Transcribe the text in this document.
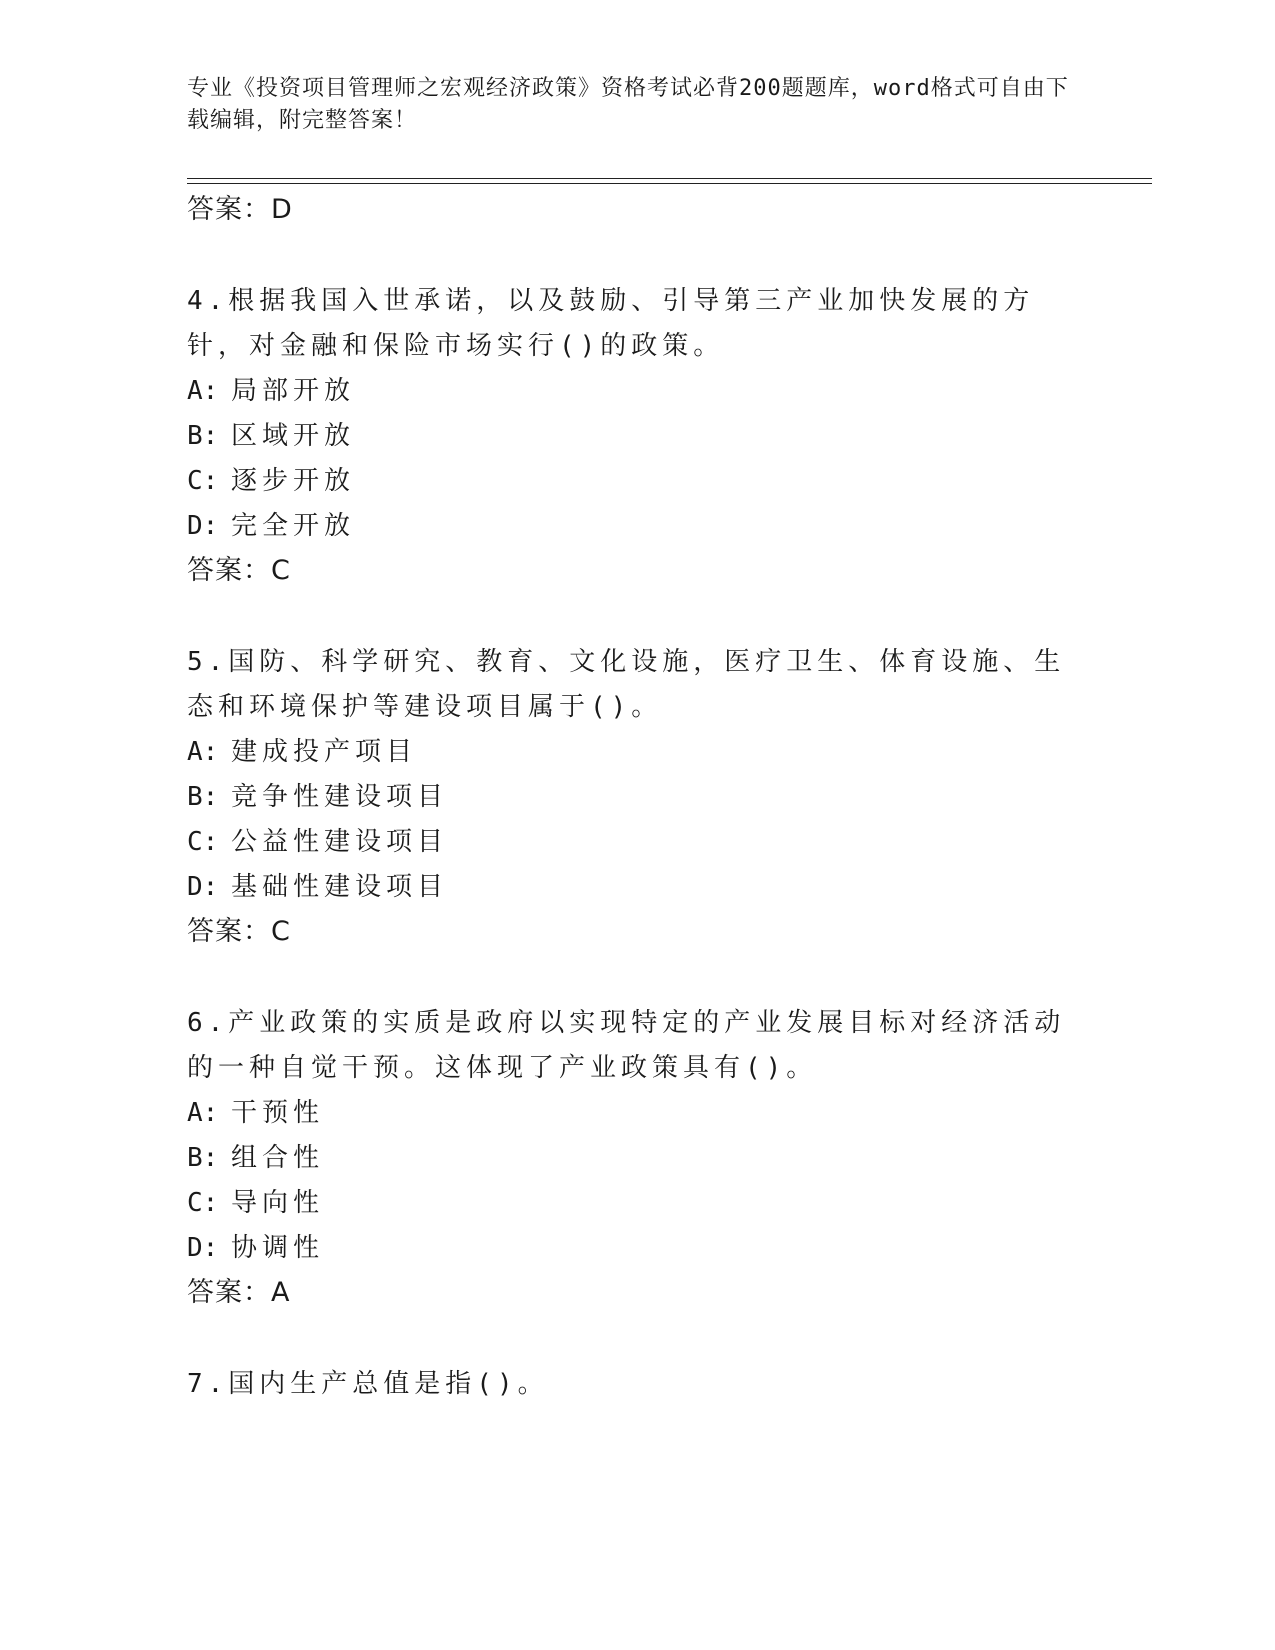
专业《投资项目管理师之宏观经济政策》资格考试必背200题题库，word格式可自由下载编辑，附完整答案！
答案：D
4.根据我国入世承诺，以及鼓励、引导第三产业加快发展的方针，对金融和保险市场实行()的政策。
A: 局部开放
B: 区域开放
C: 逐步开放
D: 完全开放
答案：C
5.国防、科学研究、教育、文化设施，医疗卫生、体育设施、生态和环境保护等建设项目属于()。
A: 建成投产项目
B: 竞争性建设项目
C: 公益性建设项目
D: 基础性建设项目
答案：C
6.产业政策的实质是政府以实现特定的产业发展目标对经济活动的一种自觉干预。这体现了产业政策具有()。
A: 干预性
B: 组合性
C: 导向性
D: 协调性
答案：A
7.国内生产总值是指()。
